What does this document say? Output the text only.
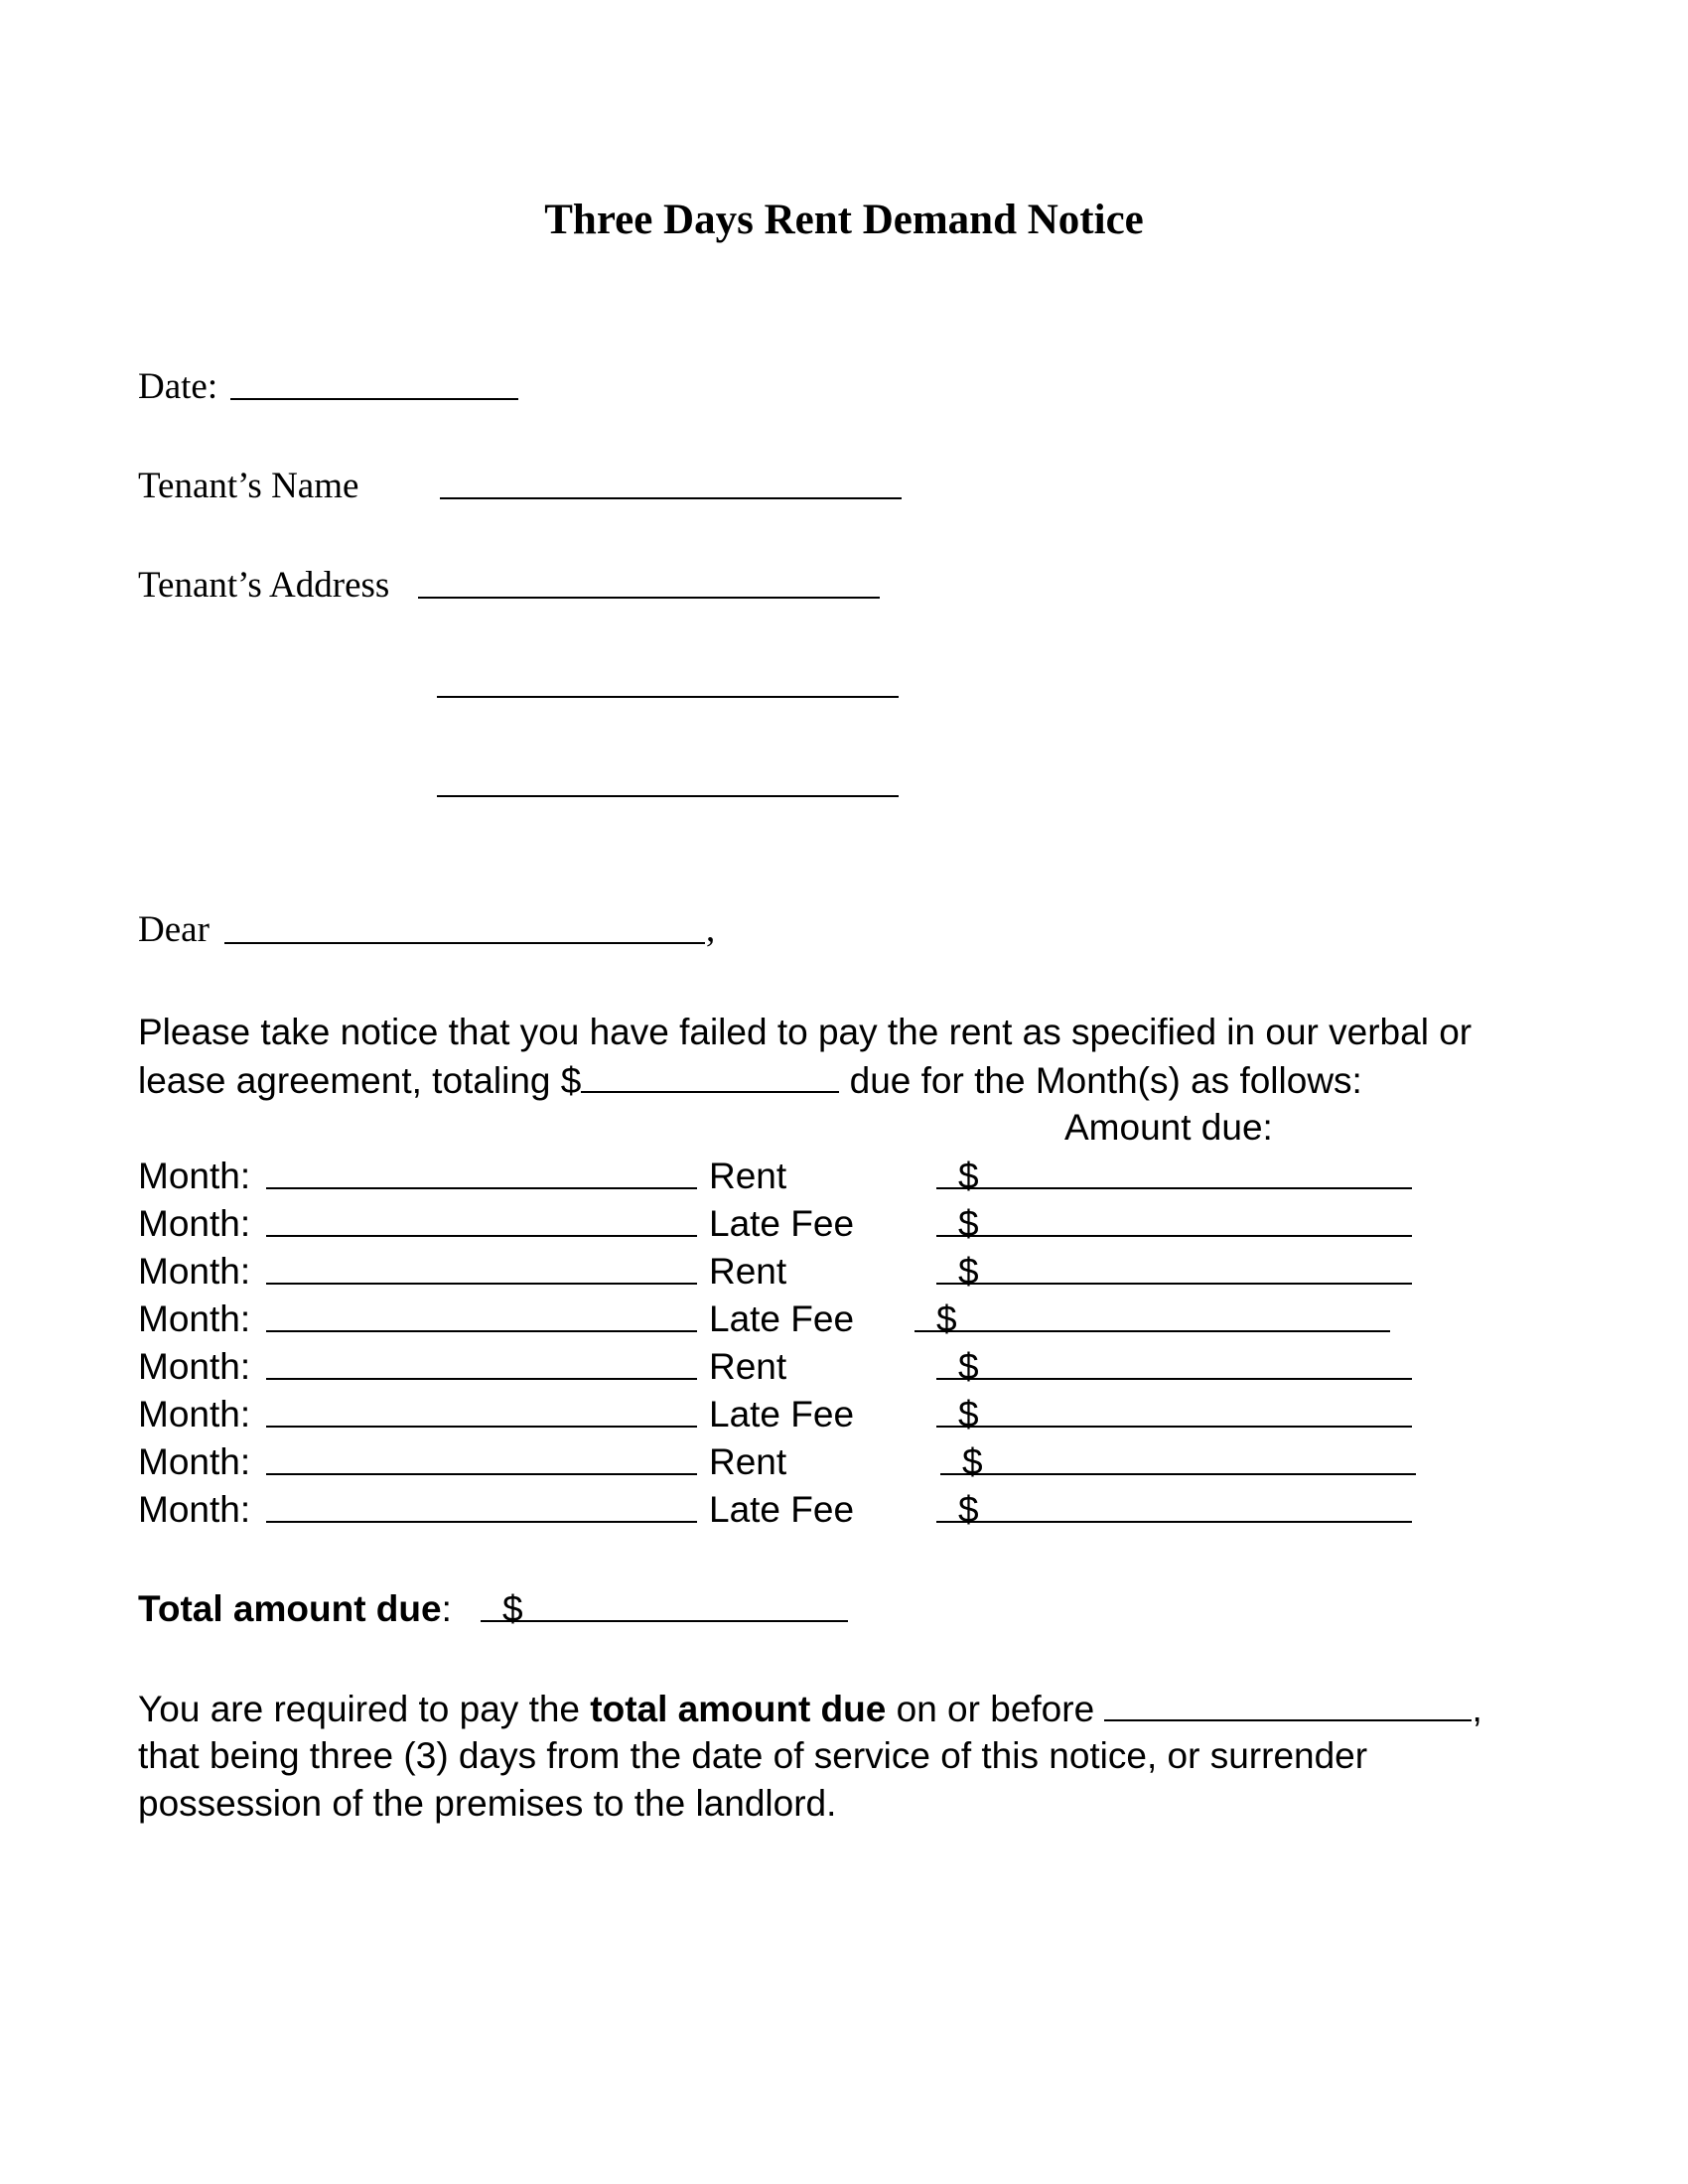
Three Days Rent Demand Notice
Date:
Tenant’s Name
Tenant’s Address
Dear	,
Please take notice that you have failed to pay the rent as specified in our verbal or
lease agreement, totaling $	due for the Month(s) as follows:
Amount due:
Month:	Rent	$
Month:	Late Fee	$
Month:	Rent	$
Month:	Late Fee $
Month:	Rent	$
Month:	Late Fee	$
Month:	Rent	$
Month:	Late Fee	$
Total amount due: $
You are required to pay the total amount due on or before	,
that being three (3) days from the date of service of this notice, or surrender
possession of the premises to the landlord.
